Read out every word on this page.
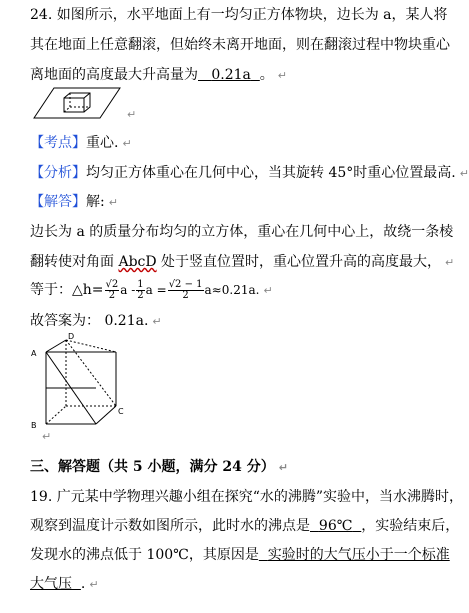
24. 如图所示，水平地面上有一均匀正方体物块，边长为 a，某人将
其在地面上任意翻滚，但始终未离开地面，则在翻滚过程中物块重心
离地面的高度最大升高量为 0.21a 。 ↵
↵
【考点】重心. ↵
【分析】均匀正方体重心在几何中心，当其旋转 45°时重心位置最高. ↵
【解答】解: ↵
边长为 a 的质量分布均匀的立方体，重心在几何中心上，故绕一条棱
翻转使对角面 AbcD 处于竖直位置时，重心位置升高的高度最大， ↵
等于：△h= $\frac{√2}{2}$ a - $\frac{1}{2}$ $a = \frac{√2 - 1}{2} a\approx 0.21a$. ↵
故答案为： 0.21a. ↵
A
D
B
C
↵
三、解答题（共 5 小题，满分 24 分） ↵
19. 广元某中学物理兴趣小组在探究“水的沸腾”实验中，当水沸腾时，
观察到温度计示数如图所示，此时水的沸点是 96℃ ，实验结束后，
发现水的沸点低于 100℃，其原因是 实验时的大气压小于一个标准
大气压 . ↵
